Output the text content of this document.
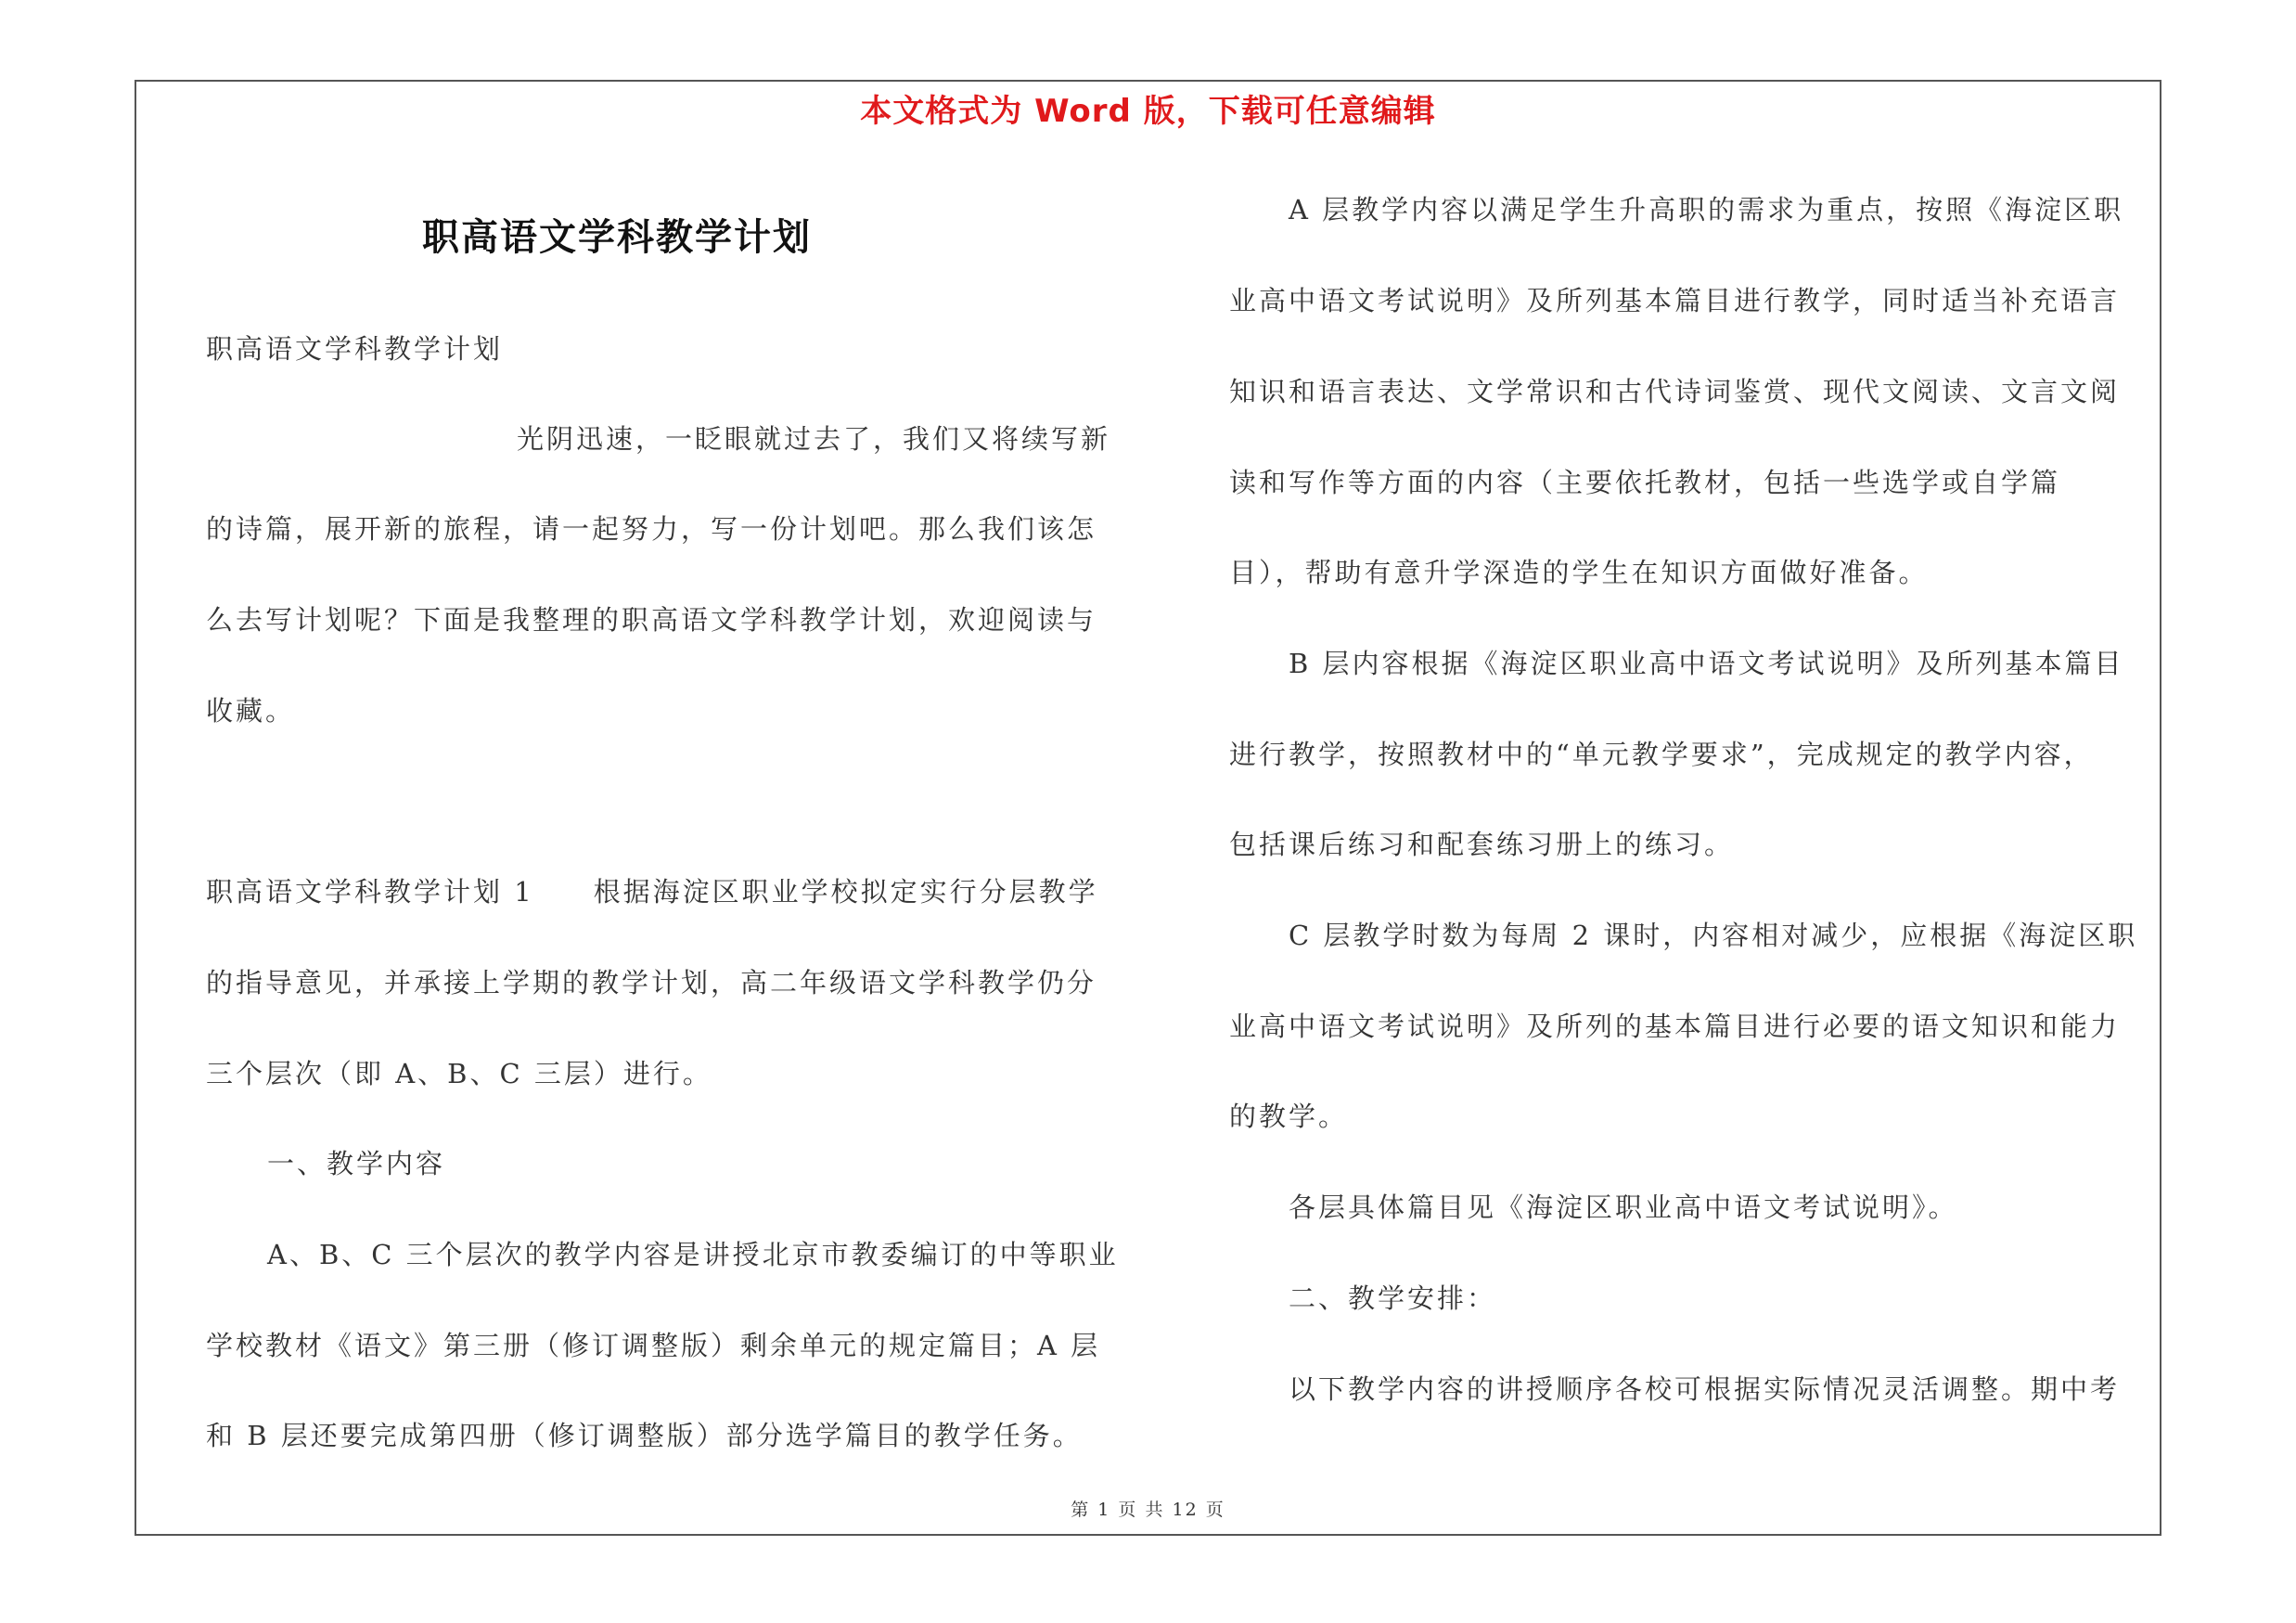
本文格式为 Word 版，下载可任意编辑
职高语文学科教学计划
职高语文学科教学计划
光阴迅速，一眨眼就过去了，我们又将续写新
的诗篇，展开新的旅程，请一起努力，写一份计划吧。那么我们该怎
么去写计划呢？下面是我整理的职高语文学科教学计划，欢迎阅读与
收藏。
职高语文学科教学计划 1　　根据海淀区职业学校拟定实行分层教学
的指导意见，并承接上学期的教学计划，高二年级语文学科教学仍分
三个层次（即 A、B、C 三层）进行。
一、教学内容
A、B、C 三个层次的教学内容是讲授北京市教委编订的中等职业
学校教材《语文》第三册（修订调整版）剩余单元的规定篇目；A 层
和 B 层还要完成第四册（修订调整版）部分选学篇目的教学任务。
A 层教学内容以满足学生升高职的需求为重点，按照《海淀区职
业高中语文考试说明》及所列基本篇目进行教学，同时适当补充语言
知识和语言表达、文学常识和古代诗词鉴赏、现代文阅读、文言文阅
读和写作等方面的内容（主要依托教材，包括一些选学或自学篇
目），帮助有意升学深造的学生在知识方面做好准备。
B 层内容根据《海淀区职业高中语文考试说明》及所列基本篇目
进行教学，按照教材中的“单元教学要求”，完成规定的教学内容，
包括课后练习和配套练习册上的练习。
C 层教学时数为每周 2 课时，内容相对减少，应根据《海淀区职
业高中语文考试说明》及所列的基本篇目进行必要的语文知识和能力
的教学。
各层具体篇目见《海淀区职业高中语文考试说明》。
二、教学安排：
以下教学内容的讲授顺序各校可根据实际情况灵活调整。期中考
第 1 页 共 12 页
